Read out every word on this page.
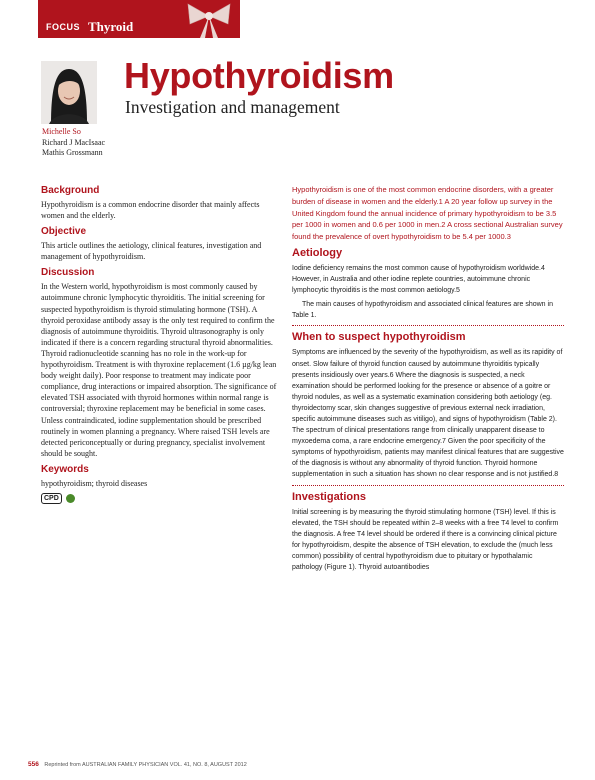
FOCUS Thyroid
Hypothyroidism
Investigation and management
Michelle So
Richard J MacIsaac
Mathis Grossmann
Background

Hypothyroidism is a common endocrine disorder that mainly affects women and the elderly.

Objective

This article outlines the aetiology, clinical features, investigation and management of hypothyroidism.

Discussion

In the Western world, hypothyroidism is most commonly caused by autoimmune chronic lymphocytic thyroiditis. The initial screening for suspected hypothyroidism is thyroid stimulating hormone (TSH). A thyroid peroxidase antibody assay is the only test required to confirm the diagnosis of autoimmune thyroiditis. Thyroid ultrasonography is only indicated if there is a concern regarding structural thyroid abnormalities. Thyroid radionucleotide scanning has no role in the work-up for hypothyroidism. Treatment is with thyroxine replacement (1.6 µg/kg lean body weight daily). Poor response to treatment may indicate poor compliance, drug interactions or impaired absorption. The significance of elevated TSH associated with thyroid hormones within normal range is controversial; thyroxine replacement may be beneficial in some cases. Unless contraindicated, iodine supplementation should be prescribed routinely in women planning a pregnancy. Where raised TSH levels are detected periconceptually or during pregnancy, specialist involvement should be sought.

Keywords

hypothyroidism; thyroid diseases

CPD

Hypothyroidism is one of the most common endocrine disorders, with a greater burden of disease in women and the elderly.1 A 20 year follow up survey in the United Kingdom found the annual incidence of primary hypothyroidism to be 3.5 per 1000 in women and 0.6 per 1000 in men.2 A cross sectional Australian survey found the prevalence of overt hypothyroidism to be 5.4 per 1000.3

Aetiology

Iodine deficiency remains the most common cause of hypothyroidism worldwide.4 However, in Australia and other iodine replete countries, autoimmune chronic lymphocytic thyroiditis is the most common aetiology.5

The main causes of hypothyroidism and associated clinical features are shown in Table 1.

When to suspect hypothyroidism

Symptoms are influenced by the severity of the hypothyroidism, as well as its rapidity of onset. Slow failure of thyroid function caused by autoimmune thyroiditis typically presents insidiously over years.6 Where the diagnosis is suspected, a neck examination should be performed looking for the presence or absence of a goitre or thyroid nodules, as well as a systematic examination considering both aetiology (eg. thyroidectomy scar, skin changes suggestive of previous external neck irradiation, specific autoimmune diseases such as vitiligo), and signs of hypothyroidism (Table 2). The spectrum of clinical presentations range from clinically unapparent disease to myxoedema coma, a rare endocrine emergency.7 Given the poor specificity of the symptoms of hypothyroidism, patients may manifest clinical features that are suggestive of the diagnosis is without any abnormality of thyroid function. Thyroid hormone supplementation in such a situation has shown no clear response and is not justified.8

Investigations

Initial screening is by measuring the thyroid stimulating hormone (TSH) level. If this is elevated, the TSH should be repeated within 2–8 weeks with a free T4 level to confirm the diagnosis. A free T4 level should be ordered if there is a convincing clinical picture for hypothyroidism, despite the absence of TSH elevation, to exclude the (much less common) possibility of central hypothyroidism due to pituitary or hypothalamic pathology (Figure 1). Thyroid autoantibodies

556 Reprinted from AUSTRALIAN FAMILY PHYSICIAN VOL. 41, NO. 8, AUGUST 2012
